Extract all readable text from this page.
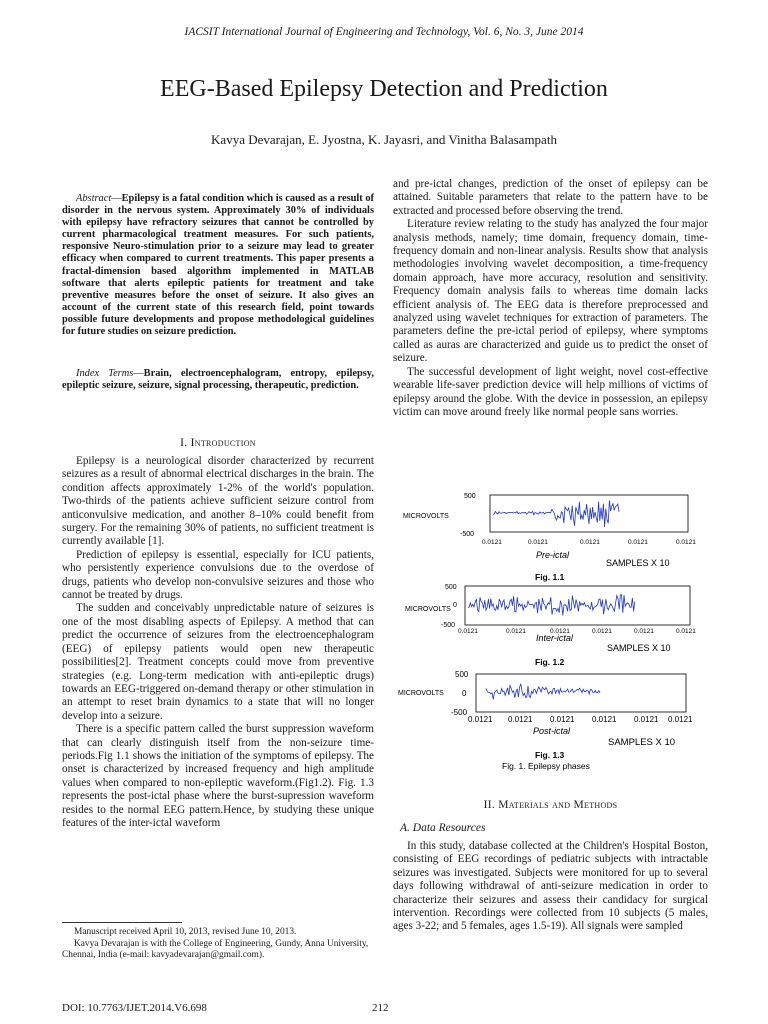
IACSIT International Journal of Engineering and Technology, Vol. 6, No. 3, June 2014
EEG-Based Epilepsy Detection and Prediction
Kavya Devarajan, E. Jyostna, K. Jayasri, and Vinitha Balasampath
Abstract—Epilepsy is a fatal condition which is caused as a result of disorder in the nervous system. Approximately 30% of individuals with epilepsy have refractory seizures that cannot be controlled by current pharmacological treatment measures. For such patients, responsive Neuro-stimulation prior to a seizure may lead to greater efficacy when compared to current treatments. This paper presents a fractal-dimension based algorithm implemented in MATLAB software that alerts epileptic patients for treatment and take preventive measures before the onset of seizure. It also gives an account of the current state of this research field, point towards possible future developments and propose methodological guidelines for future studies on seizure prediction.
Index Terms—Brain, electroencephalogram, entropy, epilepsy, epileptic seizure, seizure, signal processing, therapeutic, prediction.
I. Introduction

Epilepsy is a neurological disorder characterized by recurrent seizures as a result of abnormal electrical discharges in the brain. The condition affects approximately 1-2% of the world's population. Two-thirds of the patients achieve sufficient seizure control from anticonvulsive medication, and another 8–10% could benefit from surgery. For the remaining 30% of patients, no sufficient treatment is currently available [1].

Prediction of epilepsy is essential, especially for ICU patients, who persistently experience convulsions due to the overdose of drugs, patients who develop non-convulsive seizures and those who cannot be treated by drugs.

The sudden and conceivably unpredictable nature of seizures is one of the most disabling aspects of Epilepsy. A method that can predict the occurrence of seizures from the electroencephalogram (EEG) of epilepsy patients would open new therapeutic possibilities[2]. Treatment concepts could move from preventive strategies (e.g. Long-term medication with anti-epileptic drugs) towards an EEG-triggered on-demand therapy or other stimulation in an attempt to reset brain dynamics to a state that will no longer develop into a seizure.

There is a specific pattern called the burst suppression waveform that can clearly distinguish itself from the non-seizure time-periods.Fig 1.1 shows the initiation of the symptoms of epilepsy. The onset is characterized by increased frequency and high amplitude values when compared to non-epileptic waveform.(Fig1.2). Fig. 1.3 represents the post-ictal phase where the burst-supression waveform resides to the normal EEG pattern.Hence, by studying these unique features of the inter-ictal waveform

Manuscript received April 10, 2013, revised June 10, 2013.

Kavya Devarajan is with the College of Engineering, Gundy, Anna University, Chennai, India (e-mail: kavyadevarajan@gmail.com).

and pre-ictal changes, prediction of the onset of epilepsy can be attained. Suitable parameters that relate to the pattern have to be extracted and processed before observing the trend.

Literature review relating to the study has analyzed the four major analysis methods, namely; time domain, frequency domain, time-frequency domain and non-linear analysis. Results show that analysis methodologies involving wavelet decomposition, a time-frequency domain approach, have more accuracy, resolution and sensitivity. Frequency domain analysis fails to whereas time domain lacks efficient analysis of. The EEG data is therefore preprocessed and analyzed using wavelet techniques for extraction of parameters. The parameters define the pre-ictal period of epilepsy, where symptoms called as auras are characterized and guide us to predict the onset of seizure.

The successful development of light weight, novel cost-effective wearable life-saver prediction device will help millions of victims of epilepsy around the globe. With the device in possession, an epilepsy victim can move around freely like normal people sans worries.

500
-500
MICROVOLTS
0.0121	0.0121	0.0121	0.0121	0.0121
Pre-ictal
SAMPLES X 10
Fig. 1.1
500
0
-500
MICROVOLTS
0.0121	0.0121	0.0121	0.0121	0.0121	0.0121
Inter-ictal
SAMPLES X 10
Fig. 1.2
500
0
-500
MICROVOLTS
0.0121 0.0121 0.0121 0.0121 0.0121 0.0121
Post-ictal
SAMPLES X 10
Fig. 1.3
Fig. 1. Epilepsy phases
II. Materials and Methods
A. Data Resources

In this study, database collected at the Children's Hospital Boston, consisting of EEG recordings of pediatric subjects with intractable seizures was investigated. Subjects were monitored for up to several days following withdrawal of anti-seizure medication in order to characterize their seizures and assess their candidacy for surgical intervention. Recordings were collected from 10 subjects (5 males, ages 3-22; and 5 females, ages 1.5-19). All signals were sampled

DOI: 10.7763/IJET.2014.V6.698	212
